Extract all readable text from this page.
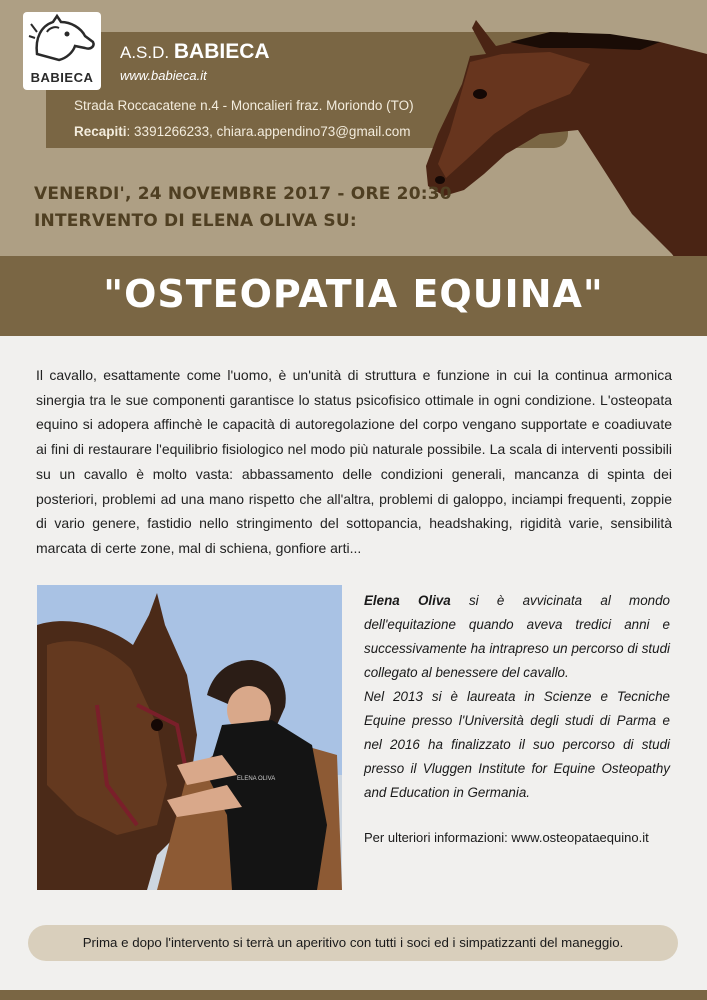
BABIECA
A.S.D. BABIECA
www.babieca.it
Strada Roccacatene n.4 - Moncalieri fraz. Moriondo (TO)
Recapiti: 3391266233, chiara.appendino73@gmail.com
VENERDI', 24 NOVEMBRE 2017 - ORE 20:30
INTERVENTO DI ELENA OLIVA SU:
"OSTEOPATIA EQUINA"
Il cavallo, esattamente come l'uomo, è un'unità di struttura e funzione in cui la continua armonica sinergia tra le sue componenti garantisce lo status psicofisico ottimale in ogni condizione. L'osteopata equino si adopera affinchè le capacità di autoregolazione del corpo vengano supportate e coadiuvate ai fini di restaurare l'equilibrio fisiologico nel modo più naturale possibile. La scala di interventi possibili su un cavallo è molto vasta: abbassamento delle condizioni generali, mancanza di spinta dei posteriori, problemi ad una mano rispetto che all'altra, problemi di galoppo, inciampi frequenti, zoppie di vario genere, fastidio nello stringimento del sottopancia, headshaking, rigidità varie, sensibilità marcata di certe zone, mal di schiena, gonfiore arti...
ELENA OLIVA

Elena Oliva si è avvicinata al mondo dell'equitazione quando aveva tredici anni e successivamente ha intrapreso un percorso di studi collegato al benessere del cavallo.

Nel 2013 si è laureata in Scienze e Tecniche Equine presso l'Università degli studi di Parma e nel 2016 ha finalizzato il suo percorso di studi presso il Vluggen Institute for Equine Osteopathy and Education in Germania.

Per ulteriori informazioni: www.osteopataequino.it
Prima e dopo l'intervento si terrà un aperitivo con tutti i soci ed i simpatizzanti del maneggio.
